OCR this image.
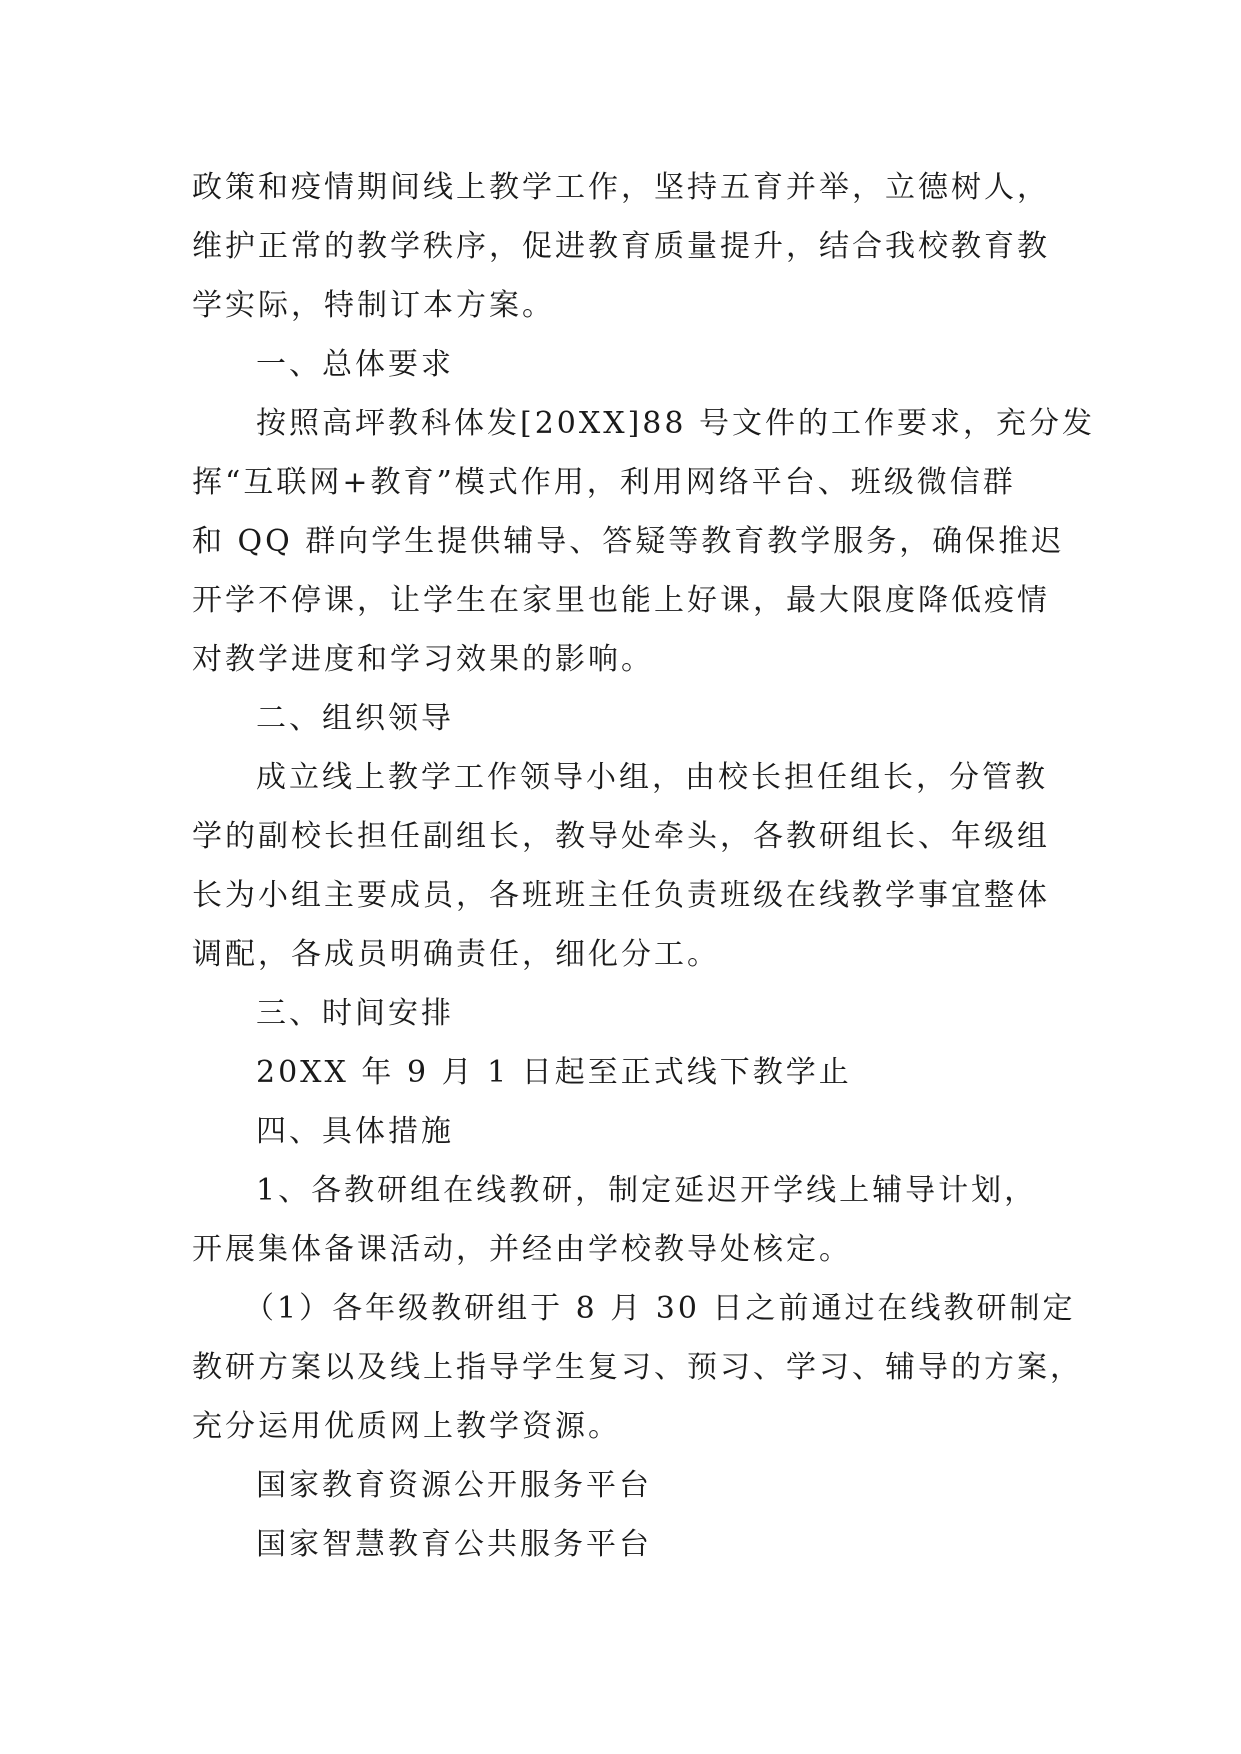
政策和疫情期间线上教学工作，坚持五育并举，立德树人，
维护正常的教学秩序，促进教育质量提升，结合我校教育教
学实际，特制订本方案。
一、总体要求
按照高坪教科体发[20XX]88 号文件的工作要求，充分发
挥“互联网+教育”模式作用，利用网络平台、班级微信群
和 QQ 群向学生提供辅导、答疑等教育教学服务，确保推迟
开学不停课，让学生在家里也能上好课，最大限度降低疫情
对教学进度和学习效果的影响。
二、组织领导
成立线上教学工作领导小组，由校长担任组长，分管教
学的副校长担任副组长，教导处牵头，各教研组长、年级组
长为小组主要成员，各班班主任负责班级在线教学事宜整体
调配，各成员明确责任，细化分工。
三、时间安排
20XX 年 9 月 1 日起至正式线下教学止
四、具体措施
1、各教研组在线教研，制定延迟开学线上辅导计划，
开展集体备课活动，并经由学校教导处核定。
（1）各年级教研组于 8 月 30 日之前通过在线教研制定
教研方案以及线上指导学生复习、预习、学习、辅导的方案，
充分运用优质网上教学资源。
国家教育资源公开服务平台
国家智慧教育公共服务平台
